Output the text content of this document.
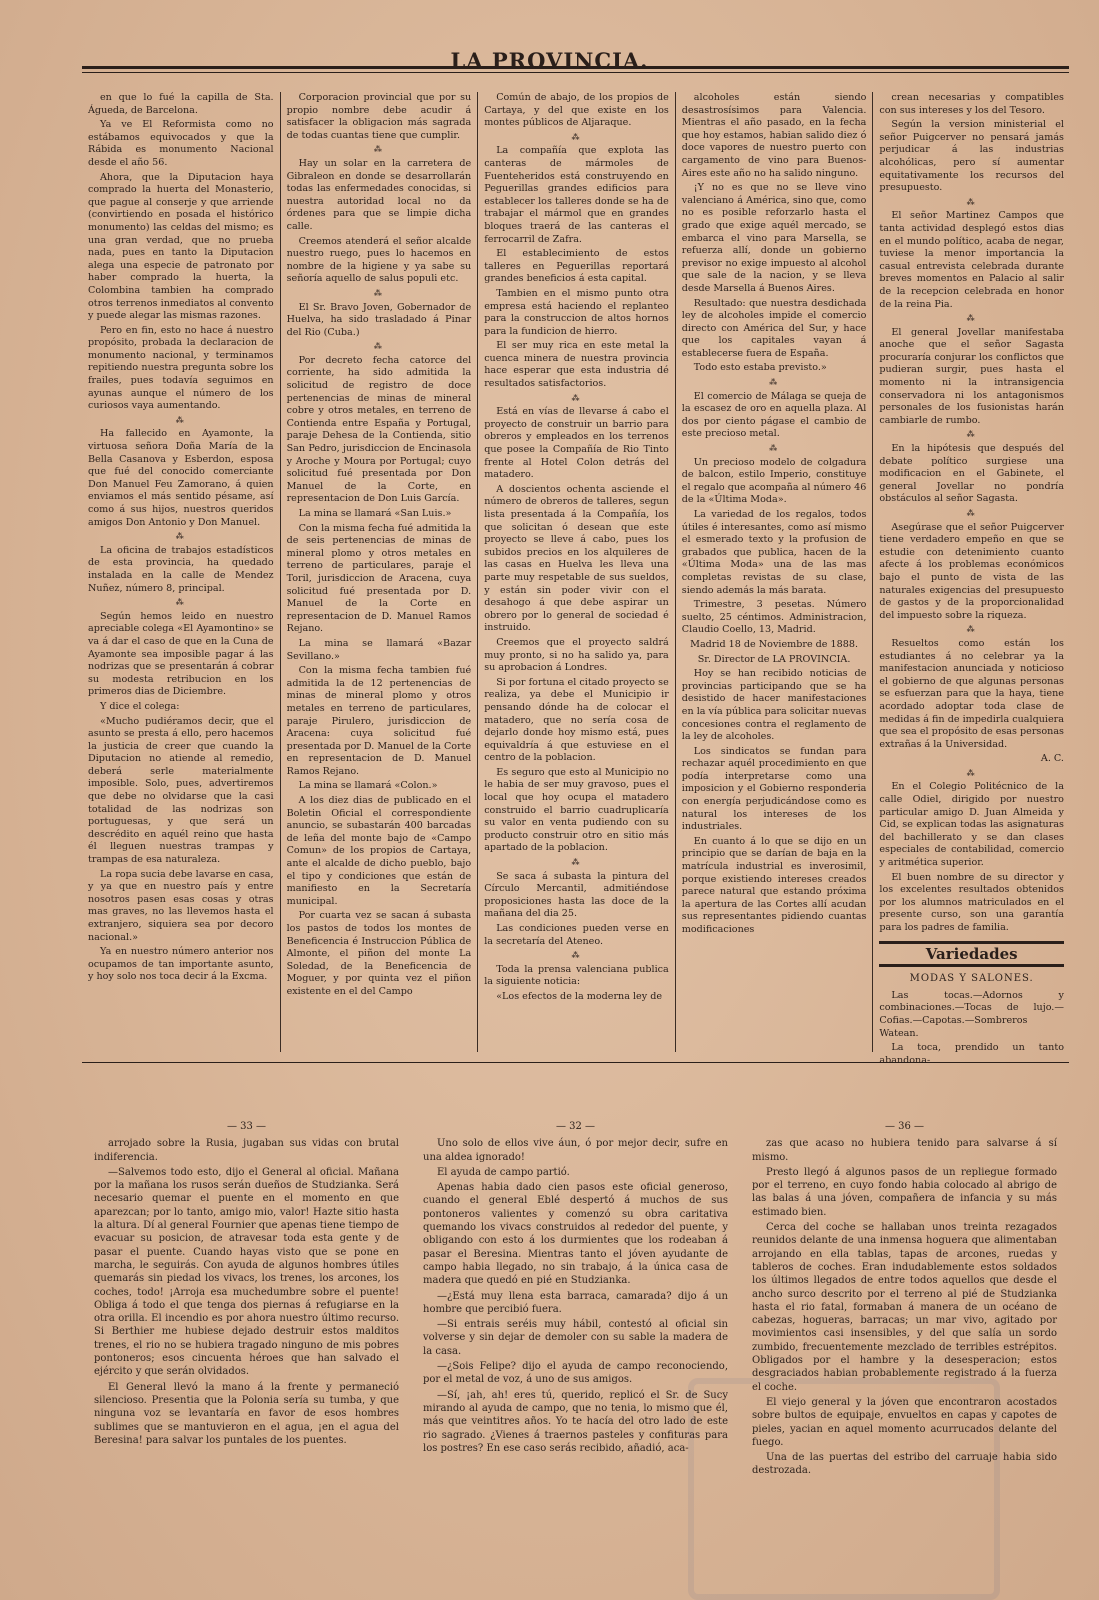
LA PROVINCIA.

en que lo fué la capilla de Sta. Águeda, de Barcelona.

Ya ve El Reformista como no estábamos equivocados y que la Rábida es monumento Nacional desde el año 56.

Ahora, que la Diputacion haya comprado la huerta del Monasterio, que pague al conserje y que arriende (convirtiendo en posada el histórico monumento) las celdas del mismo; es una gran verdad, que no prueba nada, pues en tanto la Diputacion alega una especie de patronato por haber comprado la huerta, la Colombina tambien ha comprado otros terrenos inmediatos al convento y puede alegar las mismas razones.

Pero en fin, esto no hace á nuestro propósito, probada la declaracion de monumento nacional, y terminamos repitiendo nuestra pregunta sobre los frailes, pues todavía seguimos en ayunas aunque el número de los curiosos vaya aumentando.

⁂

Ha fallecido en Ayamonte, la virtuosa señora Doña María de la Bella Casanova y Esberdon, esposa que fué del conocido comerciante Don Manuel Feu Zamorano, á quien enviamos el más sentido pésame, así como á sus hijos, nuestros queridos amigos Don Antonio y Don Manuel.

⁂

La oficina de trabajos estadísticos de esta provincia, ha quedado instalada en la calle de Mendez Nuñez, número 8, principal.

⁂

Según hemos leido en nuestro apreciable colega «El Ayamontino» se va á dar el caso de que en la Cuna de Ayamonte sea imposible pagar á las nodrizas que se presentarán á cobrar su modesta retribucion en los primeros dias de Diciembre.

Y dice el colega:

«Mucho pudiéramos decir, que el asunto se presta á ello, pero hacemos la justicia de creer que cuando la Diputacion no atiende al remedio, deberá serle materialmente imposible. Solo, pues, advertiremos que debe no olvidarse que la casi totalidad de las nodrizas son portuguesas, y que será un descrédito en aquél reino que hasta él lleguen nuestras trampas y trampas de esa naturaleza.

La ropa sucia debe lavarse en casa, y ya que en nuestro país y entre nosotros pasen esas cosas y otras mas graves, no las llevemos hasta el extranjero, siquiera sea por decoro nacional.»

Ya en nuestro número anterior nos ocupamos de tan importante asunto, y hoy solo nos toca decir á la Excma.

Corporacion provincial que por su propio nombre debe acudir á satisfacer la obligacion más sagrada de todas cuantas tiene que cumplir.

⁂

Hay un solar en la carretera de Gibraleon en donde se desarrollarán todas las enfermedades conocidas, si nuestra autoridad local no da órdenes para que se limpie dicha calle.

Creemos atenderá el señor alcalde nuestro ruego, pues lo hacemos en nombre de la higiene y ya sabe su señoría aquello de salus populi etc.

⁂

El Sr. Bravo Joven, Gobernador de Huelva, ha sido trasladado á Pinar del Rio (Cuba.)

⁂

Por decreto fecha catorce del corriente, ha sido admitida la solicitud de registro de doce pertenencias de minas de mineral cobre y otros metales, en terreno de Contienda entre España y Portugal, paraje Dehesa de la Contienda, sitio San Pedro, jurisdiccion de Encinasola y Aroche y Moura por Portugal; cuyo solicitud fué presentada por Don Manuel de la Corte, en representacion de Don Luis García.

La mina se llamará «San Luis.»

Con la misma fecha fué admitida la de seis pertenencias de minas de mineral plomo y otros metales en terreno de particulares, paraje el Toril, jurisdiccion de Aracena, cuya solicitud fué presentada por D. Manuel de la Corte en representacion de D. Manuel Ramos Rejano.

La mina se llamará «Bazar Sevillano.»

Con la misma fecha tambien fué admitida la de 12 pertenencias de minas de mineral plomo y otros metales en terreno de particulares, paraje Pirulero, jurisdiccion de Aracena: cuya solicitud fué presentada por D. Manuel de la Corte en representacion de D. Manuel Ramos Rejano.

La mina se llamará «Colon.»

A los diez dias de publicado en el Boletin Oficial el correspondiente anuncio, se subastarán 400 barcadas de leña del monte bajo de «Campo Comun» de los propios de Cartaya, ante el alcalde de dicho pueblo, bajo el tipo y condiciones que están de manifiesto en la Secretaría municipal.

Por cuarta vez se sacan á subasta los pastos de todos los montes de Beneficencia é Instruccion Pública de Almonte, el piñon del monte La Soledad, de la Beneficencia de Moguer, y por quinta vez el piñon existente en el del Campo

Común de abajo, de los propios de Cartaya, y del que existe en los montes públicos de Aljaraque.

⁂

La compañía que explota las canteras de mármoles de Fuenteheridos está construyendo en Peguerillas grandes edificios para establecer los talleres donde se ha de trabajar el mármol que en grandes bloques traerá de las canteras el ferrocarril de Zafra.

El establecimiento de estos talleres en Peguerillas reportará grandes beneficios á esta capital.

Tambien en el mismo punto otra empresa está haciendo el replanteo para la construccion de altos hornos para la fundicion de hierro.

El ser muy rica en este metal la cuenca minera de nuestra provincia hace esperar que esta industria dé resultados satisfactorios.

⁂

Está en vías de llevarse á cabo el proyecto de construir un barrio para obreros y empleados en los terrenos que posee la Compañía de Rio Tinto frente al Hotel Colon detrás del matadero.

A doscientos ochenta asciende el número de obreros de talleres, segun lista presentada á la Compañía, los que solicitan ó desean que este proyecto se lleve á cabo, pues los subidos precios en los alquileres de las casas en Huelva les lleva una parte muy respetable de sus sueldos, y están sin poder vivir con el desahogo á que debe aspirar un obrero por lo general de sociedad é instruido.

Creemos que el proyecto saldrá muy pronto, si no ha salido ya, para su aprobacion á Londres.

Si por fortuna el citado proyecto se realiza, ya debe el Municipio ir pensando dónde ha de colocar el matadero, que no sería cosa de dejarlo donde hoy mismo está, pues equivaldría á que estuviese en el centro de la poblacion.

Es seguro que esto al Municipio no le habia de ser muy gravoso, pues el local que hoy ocupa el matadero construido el barrio cuadruplicaría su valor en venta pudiendo con su producto construir otro en sitio más apartado de la poblacion.

⁂

Se saca á subasta la pintura del Círculo Mercantil, admitiéndose proposiciones hasta las doce de la mañana del dia 25.

Las condiciones pueden verse en la secretaría del Ateneo.

⁂

Toda la prensa valenciana publica la siguiente noticia:

«Los efectos de la moderna ley de

alcoholes están siendo desastrosísimos para Valencia. Mientras el año pasado, en la fecha que hoy estamos, habian salido diez ó doce vapores de nuestro puerto con cargamento de vino para Buenos-Aires este año no ha salido ninguno.

¡Y no es que no se lleve vino valenciano á América, sino que, como no es posible reforzarlo hasta el grado que exige aquél mercado, se embarca el vino para Marsella, se refuerza allí, donde un gobierno previsor no exige impuesto al alcohol que sale de la nacion, y se lleva desde Marsella á Buenos Aires.

Resultado: que nuestra desdichada ley de alcoholes impide el comercio directo con América del Sur, y hace que los capitales vayan á establecerse fuera de España.

Todo esto estaba previsto.»

⁂

El comercio de Málaga se queja de la escasez de oro en aquella plaza. Al dos por ciento págase el cambio de este precioso metal.

⁂

Un precioso modelo de colgadura de balcon, estilo Imperio, constituye el regalo que acompaña al número 46 de la «Última Moda».

La variedad de los regalos, todos útiles é interesantes, como así mismo el esmerado texto y la profusion de grabados que publica, hacen de la «Última Moda» una de las mas completas revistas de su clase, siendo además la más barata.

Trimestre, 3 pesetas. Número suelto, 25 céntimos. Administracion, Claudio Coello, 13, Madrid.

Madrid 18 de Noviembre de 1888.

Sr. Director de LA PROVINCIA.

Hoy se han recibido noticias de provincias participando que se ha desistido de hacer manifestaciones en la vía pública para solicitar nuevas concesiones contra el reglamento de la ley de alcoholes.

Los sindicatos se fundan para rechazar aquél procedimiento en que podía interpretarse como una imposicion y el Gobierno responderia con energía perjudicándose como es natural los intereses de los industriales.

En cuanto á lo que se dijo en un principio que se darían de baja en la matrícula industrial es inverosimil, porque existiendo intereses creados parece natural que estando próxima la apertura de las Cortes allí acudan sus representantes pidiendo cuantas modificaciones

crean necesarias y compatibles con sus intereses y los del Tesoro.

Según la version ministerial el señor Puigcerver no pensará jamás perjudicar á las industrias alcohólicas, pero sí aumentar equitativamente los recursos del presupuesto.

⁂

El señor Martinez Campos que tanta actividad desplegó estos dias en el mundo político, acaba de negar, tuviese la menor importancia la casual entrevista celebrada durante breves momentos en Palacio al salir de la recepcion celebrada en honor de la reina Pia.

⁂

El general Jovellar manifestaba anoche que el señor Sagasta procuraría conjurar los conflictos que pudieran surgir, pues hasta el momento ni la intransigencia conservadora ni los antagonismos personales de los fusionistas harán cambiarle de rumbo.

⁂

En la hipótesis que después del debate político surgiese una modificacion en el Gabinete, el general Jovellar no pondría obstáculos al señor Sagasta.

⁂

Asegúrase que el señor Puigcerver tiene verdadero empeño en que se estudie con detenimiento cuanto afecte á los problemas económicos bajo el punto de vista de las naturales exigencias del presupuesto de gastos y de la proporcionalidad del impuesto sobre la riqueza.

⁂

Resueltos como están los estudiantes á no celebrar ya la manifestacion anunciada y noticioso el gobierno de que algunas personas se esfuerzan para que la haya, tiene acordado adoptar toda clase de medidas á fin de impedirla cualquiera que sea el propósito de esas personas extrañas á la Universidad.

A. C.

⁂

En el Colegio Politécnico de la calle Odiel, dirigido por nuestro particular amigo D. Juan Almeida y Cid, se explican todas las asignaturas del bachillerato y se dan clases especiales de contabilidad, comercio y aritmética superior.

El buen nombre de su director y los excelentes resultados obtenidos por los alumnos matriculados en el presente curso, son una garantía para los padres de familia.

Variedades
MODAS Y SALONES.

Las tocas.—Adornos y combinaciones.—Tocas de lujo.—Cofias.—Capotas.—Sombreros Watean.

La toca, prendido un tanto abandona-

— 33 —

arrojado sobre la Rusia, jugaban sus vidas con brutal indiferencia.

—Salvemos todo esto, dijo el General al oficial. Mañana por la mañana los rusos serán dueños de Studzianka. Será necesario quemar el puente en el momento en que aparezcan; por lo tanto, amigo mio, valor! Hazte sitio hasta la altura. Dí al general Fournier que apenas tiene tiempo de evacuar su posicion, de atravesar toda esta gente y de pasar el puente. Cuando hayas visto que se pone en marcha, le seguirás. Con ayuda de algunos hombres útiles quemarás sin piedad los vivacs, los trenes, los arcones, los coches, todo! ¡Arroja esa muchedumbre sobre el puente! Obliga á todo el que tenga dos piernas á refugiarse en la otra orilla. El incendio es por ahora nuestro último recurso. Si Berthier me hubiese dejado destruir estos malditos trenes, el rio no se hubiera tragado ninguno de mis pobres pontoneros; esos cincuenta héroes que han salvado el ejército y que serán olvidados.

El General llevó la mano á la frente y permaneció silencioso. Presentia que la Polonia sería su tumba, y que ninguna voz se levantaría en favor de esos hombres sublimes que se mantuvieron en el agua, ¡en el agua del Beresina! para salvar los puntales de los puentes.

— 32 —

Uno solo de ellos vive áun, ó por mejor decir, sufre en una aldea ignorado!

El ayuda de campo partió.

Apenas habia dado cien pasos este oficial generoso, cuando el general Eblé despertó á muchos de sus pontoneros valientes y comenzó su obra caritativa quemando los vivacs construidos al rededor del puente, y obligando con esto á los durmientes que los rodeaban á pasar el Beresina. Mientras tanto el jóven ayudante de campo habia llegado, no sin trabajo, á la única casa de madera que quedó en pié en Studzianka.

—¿Está muy llena esta barraca, camarada? dijo á un hombre que percibió fuera.

—Si entrais seréis muy hábil, contestó al oficial sin volverse y sin dejar de demoler con su sable la madera de la casa.

—¿Sois Felipe? dijo el ayuda de campo reconociendo, por el metal de voz, á uno de sus amigos.

—Sí, ¡ah, ah! eres tú, querido, replicó el Sr. de Sucy mirando al ayuda de campo, que no tenia, lo mismo que él, más que veintitres años. Yo te hacía del otro lado de este rio sagrado. ¿Vienes á traernos pasteles y confituras para los postres? En ese caso serás recibido, añadió, aca-

— 36 —

zas que acaso no hubiera tenido para salvarse á sí mismo.

Presto llegó á algunos pasos de un repliegue formado por el terreno, en cuyo fondo habia colocado al abrigo de las balas á una jóven, compañera de infancia y su más estimado bien.

Cerca del coche se hallaban unos treinta rezagados reunidos delante de una inmensa hoguera que alimentaban arrojando en ella tablas, tapas de arcones, ruedas y tableros de coches. Eran indudablemente estos soldados los últimos llegados de entre todos aquellos que desde el ancho surco descrito por el terreno al pié de Studzianka hasta el rio fatal, formaban á manera de un océano de cabezas, hogueras, barracas; un mar vivo, agitado por movimientos casi insensibles, y del que salía un sordo zumbido, frecuentemente mezclado de terribles estrépitos. Obligados por el hambre y la desesperacion; estos desgraciados habian probablemente registrado á la fuerza el coche.

El viejo general y la jóven que encontraron acostados sobre bultos de equipaje, envueltos en capas y capotes de pieles, yacian en aquel momento acurrucados delante del fuego.

Una de las puertas del estribo del carruaje habia sido destrozada.
